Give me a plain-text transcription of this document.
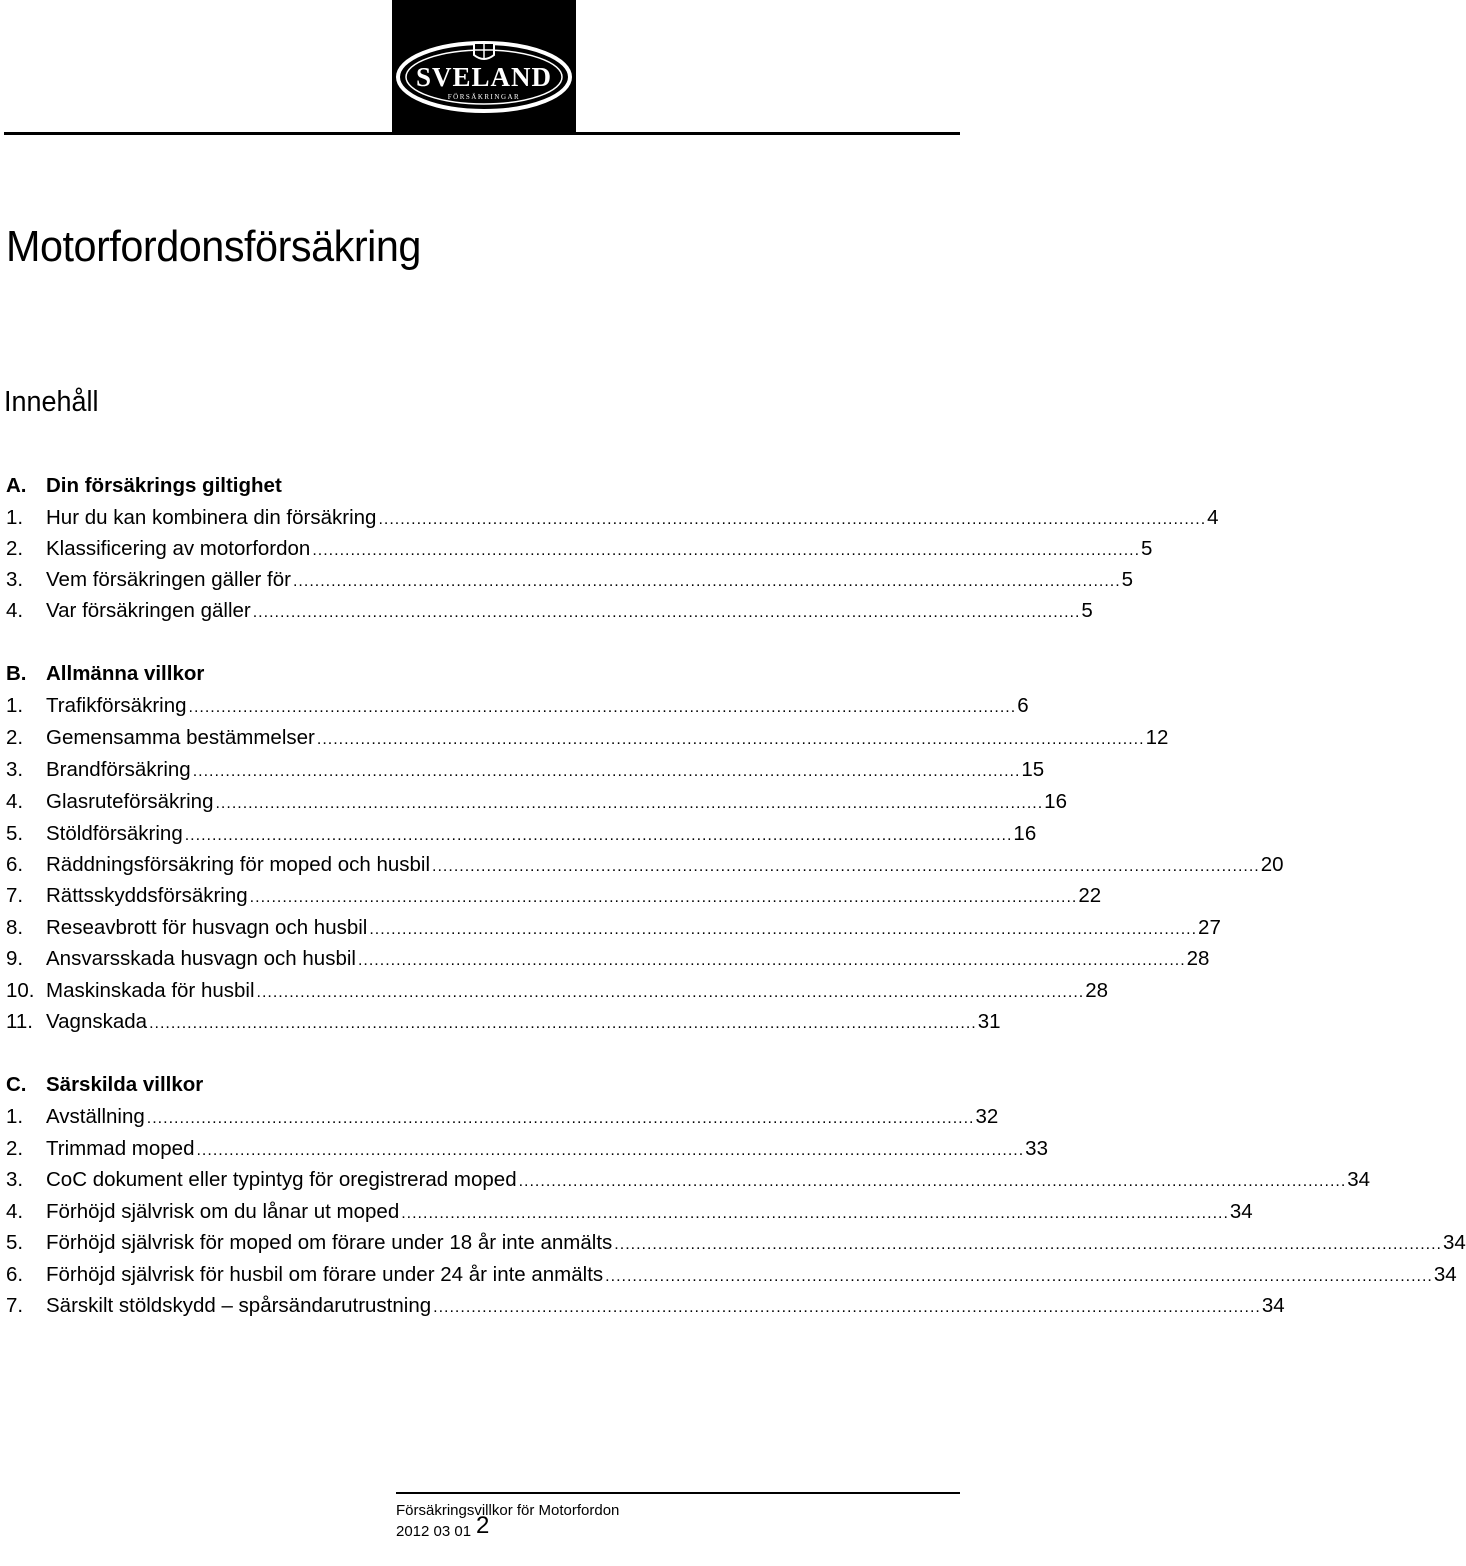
SVELAND
FÖRSÄKRINGAR
Motorfordonsförsäkring
Innehåll
A. Din försäkrings giltighet
1.	Hur du kan kombinera din försäkring ........................................................................................................................................................ 4
2.	Klassificering av motorfordon ........................................................................................................................................................ 5
3.	Vem försäkringen gäller för ........................................................................................................................................................ 5
4.	Var försäkringen gäller ........................................................................................................................................................ 5
B. Allmänna villkor
1.	Trafikförsäkring ........................................................................................................................................................ 6
2.	Gemensamma bestämmelser ........................................................................................................................................................ 12
3.	Brandförsäkring ........................................................................................................................................................ 15
4.	Glasruteförsäkring ........................................................................................................................................................ 16
5.	Stöldförsäkring ........................................................................................................................................................ 16
6.	Räddningsförsäkring för moped och husbil ........................................................................................................................................................ 20
7.	Rättsskyddsförsäkring ........................................................................................................................................................ 22
8.	Reseavbrott för husvagn och husbil ........................................................................................................................................................ 27
9.	Ansvarsskada husvagn och husbil ........................................................................................................................................................ 28
10. Maskinskada för husbil ........................................................................................................................................................ 28
11. Vagnskada ........................................................................................................................................................ 31
C. Särskilda villkor
1.	Avställning ........................................................................................................................................................ 32
2.	Trimmad moped ........................................................................................................................................................ 33
3.	CoC dokument eller typintyg för oregistrerad moped ........................................................................................................................................................ 34
4.	Förhöjd självrisk om du lånar ut moped ........................................................................................................................................................ 34
5.	Förhöjd självrisk för moped om förare under 18 år inte anmälts ........................................................................................................................................................ 34
6.	Förhöjd självrisk för husbil om förare under 24 år inte anmälts ........................................................................................................................................................ 34
7.	Särskilt stöldskydd – spårsändarutrustning ........................................................................................................................................................ 34
Försäkringsvillkor för Motorfordon
2012 03 01 2
